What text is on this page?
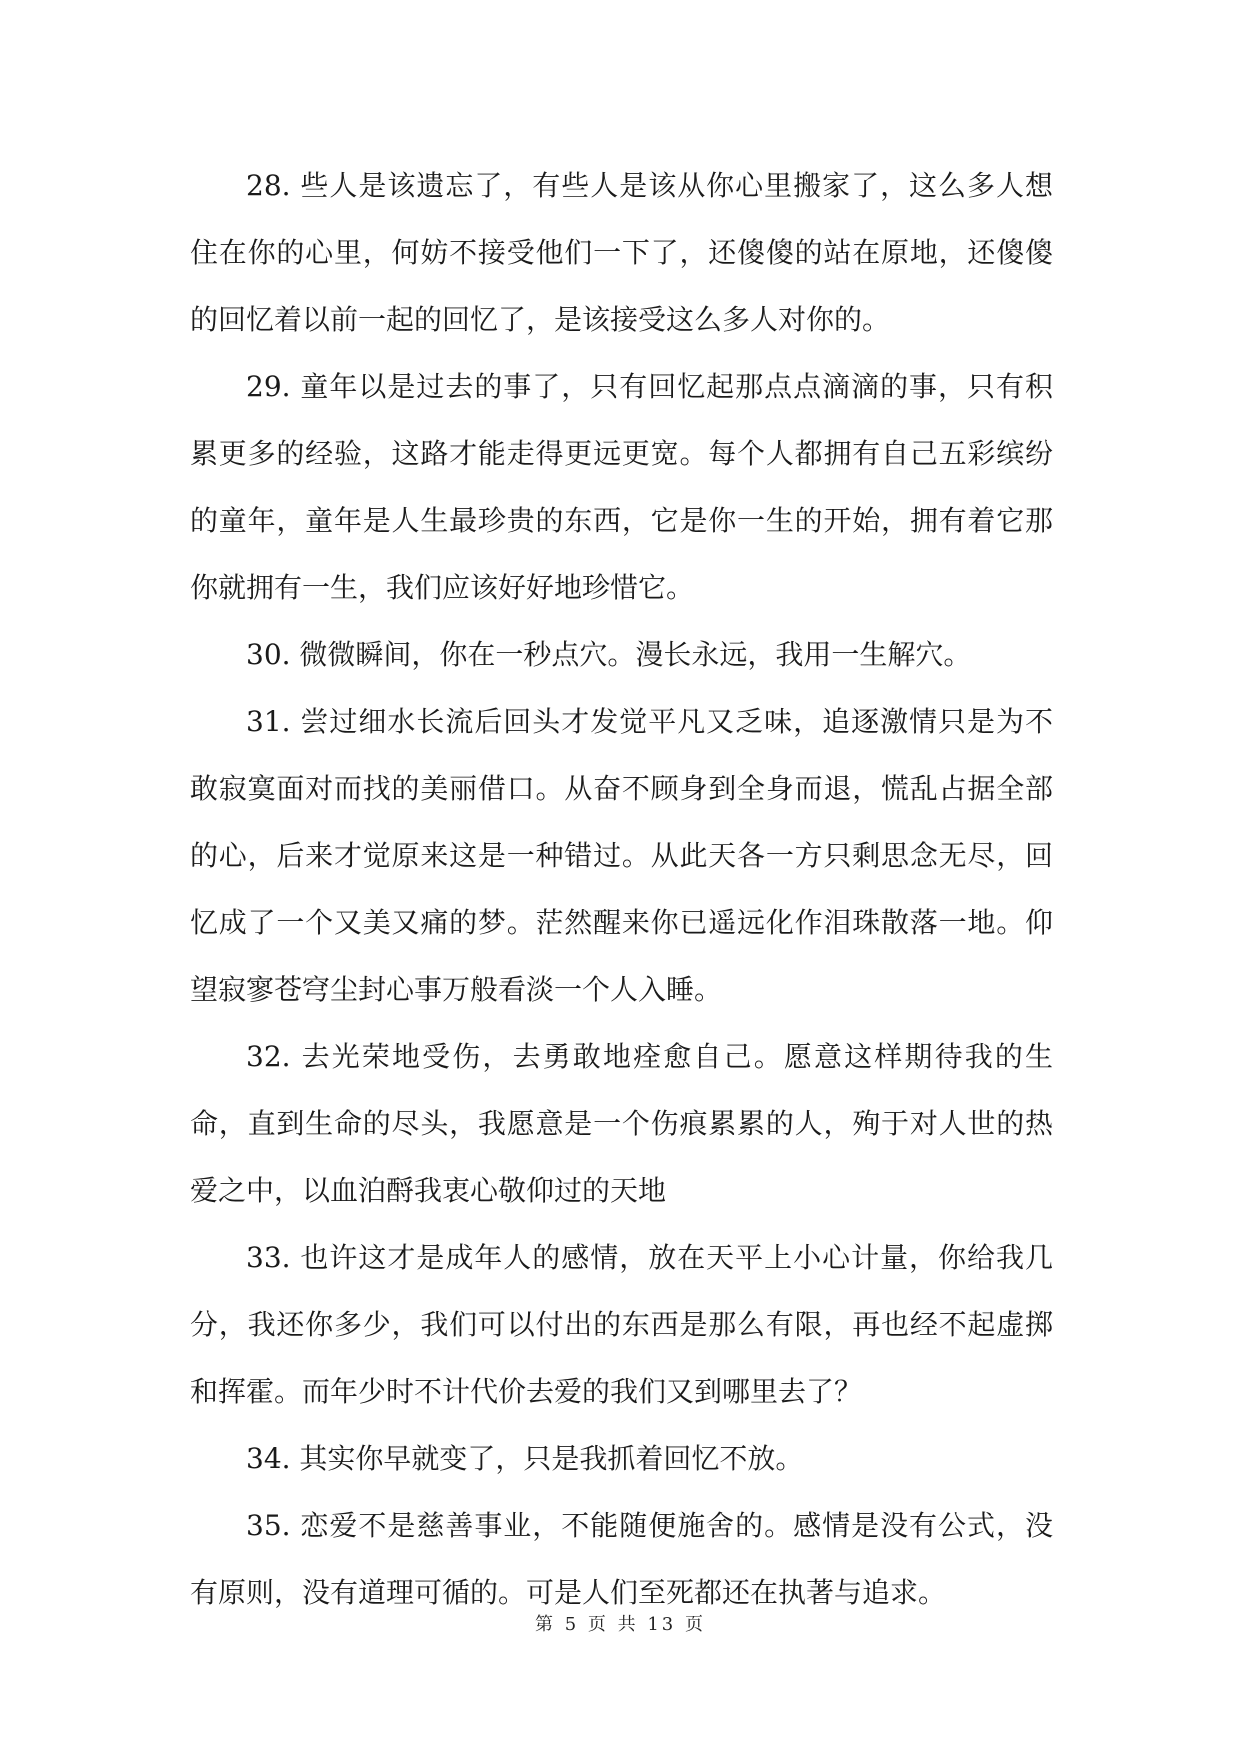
28. 些人是该遗忘了，有些人是该从你心里搬家了，这么多人想住在你的心里，何妨不接受他们一下了，还傻傻的站在原地，还傻傻的回忆着以前一起的回忆了，是该接受这么多人对你的。

29. 童年以是过去的事了，只有回忆起那点点滴滴的事，只有积累更多的经验，这路才能走得更远更宽。每个人都拥有自己五彩缤纷的童年，童年是人生最珍贵的东西，它是你一生的开始，拥有着它那你就拥有一生，我们应该好好地珍惜它。

30. 微微瞬间，你在一秒点穴。漫长永远，我用一生解穴。

31. 尝过细水长流后回头才发觉平凡又乏味，追逐激情只是为不敢寂寞面对而找的美丽借口。从奋不顾身到全身而退，慌乱占据全部的心，后来才觉原来这是一种错过。从此天各一方只剩思念无尽，回忆成了一个又美又痛的梦。茫然醒来你已遥远化作泪珠散落一地。仰望寂寥苍穹尘封心事万般看淡一个人入睡。

32. 去光荣地受伤，去勇敢地痊愈自己。愿意这样期待我的生命，直到生命的尽头，我愿意是一个伤痕累累的人，殉于对人世的热爱之中，以血泊酹我衷心敬仰过的天地

33. 也许这才是成年人的感情，放在天平上小心计量，你给我几分，我还你多少，我们可以付出的东西是那么有限，再也经不起虚掷和挥霍。而年少时不计代价去爱的我们又到哪里去了？

34. 其实你早就变了，只是我抓着回忆不放。

35. 恋爱不是慈善事业，不能随便施舍的。感情是没有公式，没有原则，没有道理可循的。可是人们至死都还在执著与追求。

第 5 页 共 13 页
